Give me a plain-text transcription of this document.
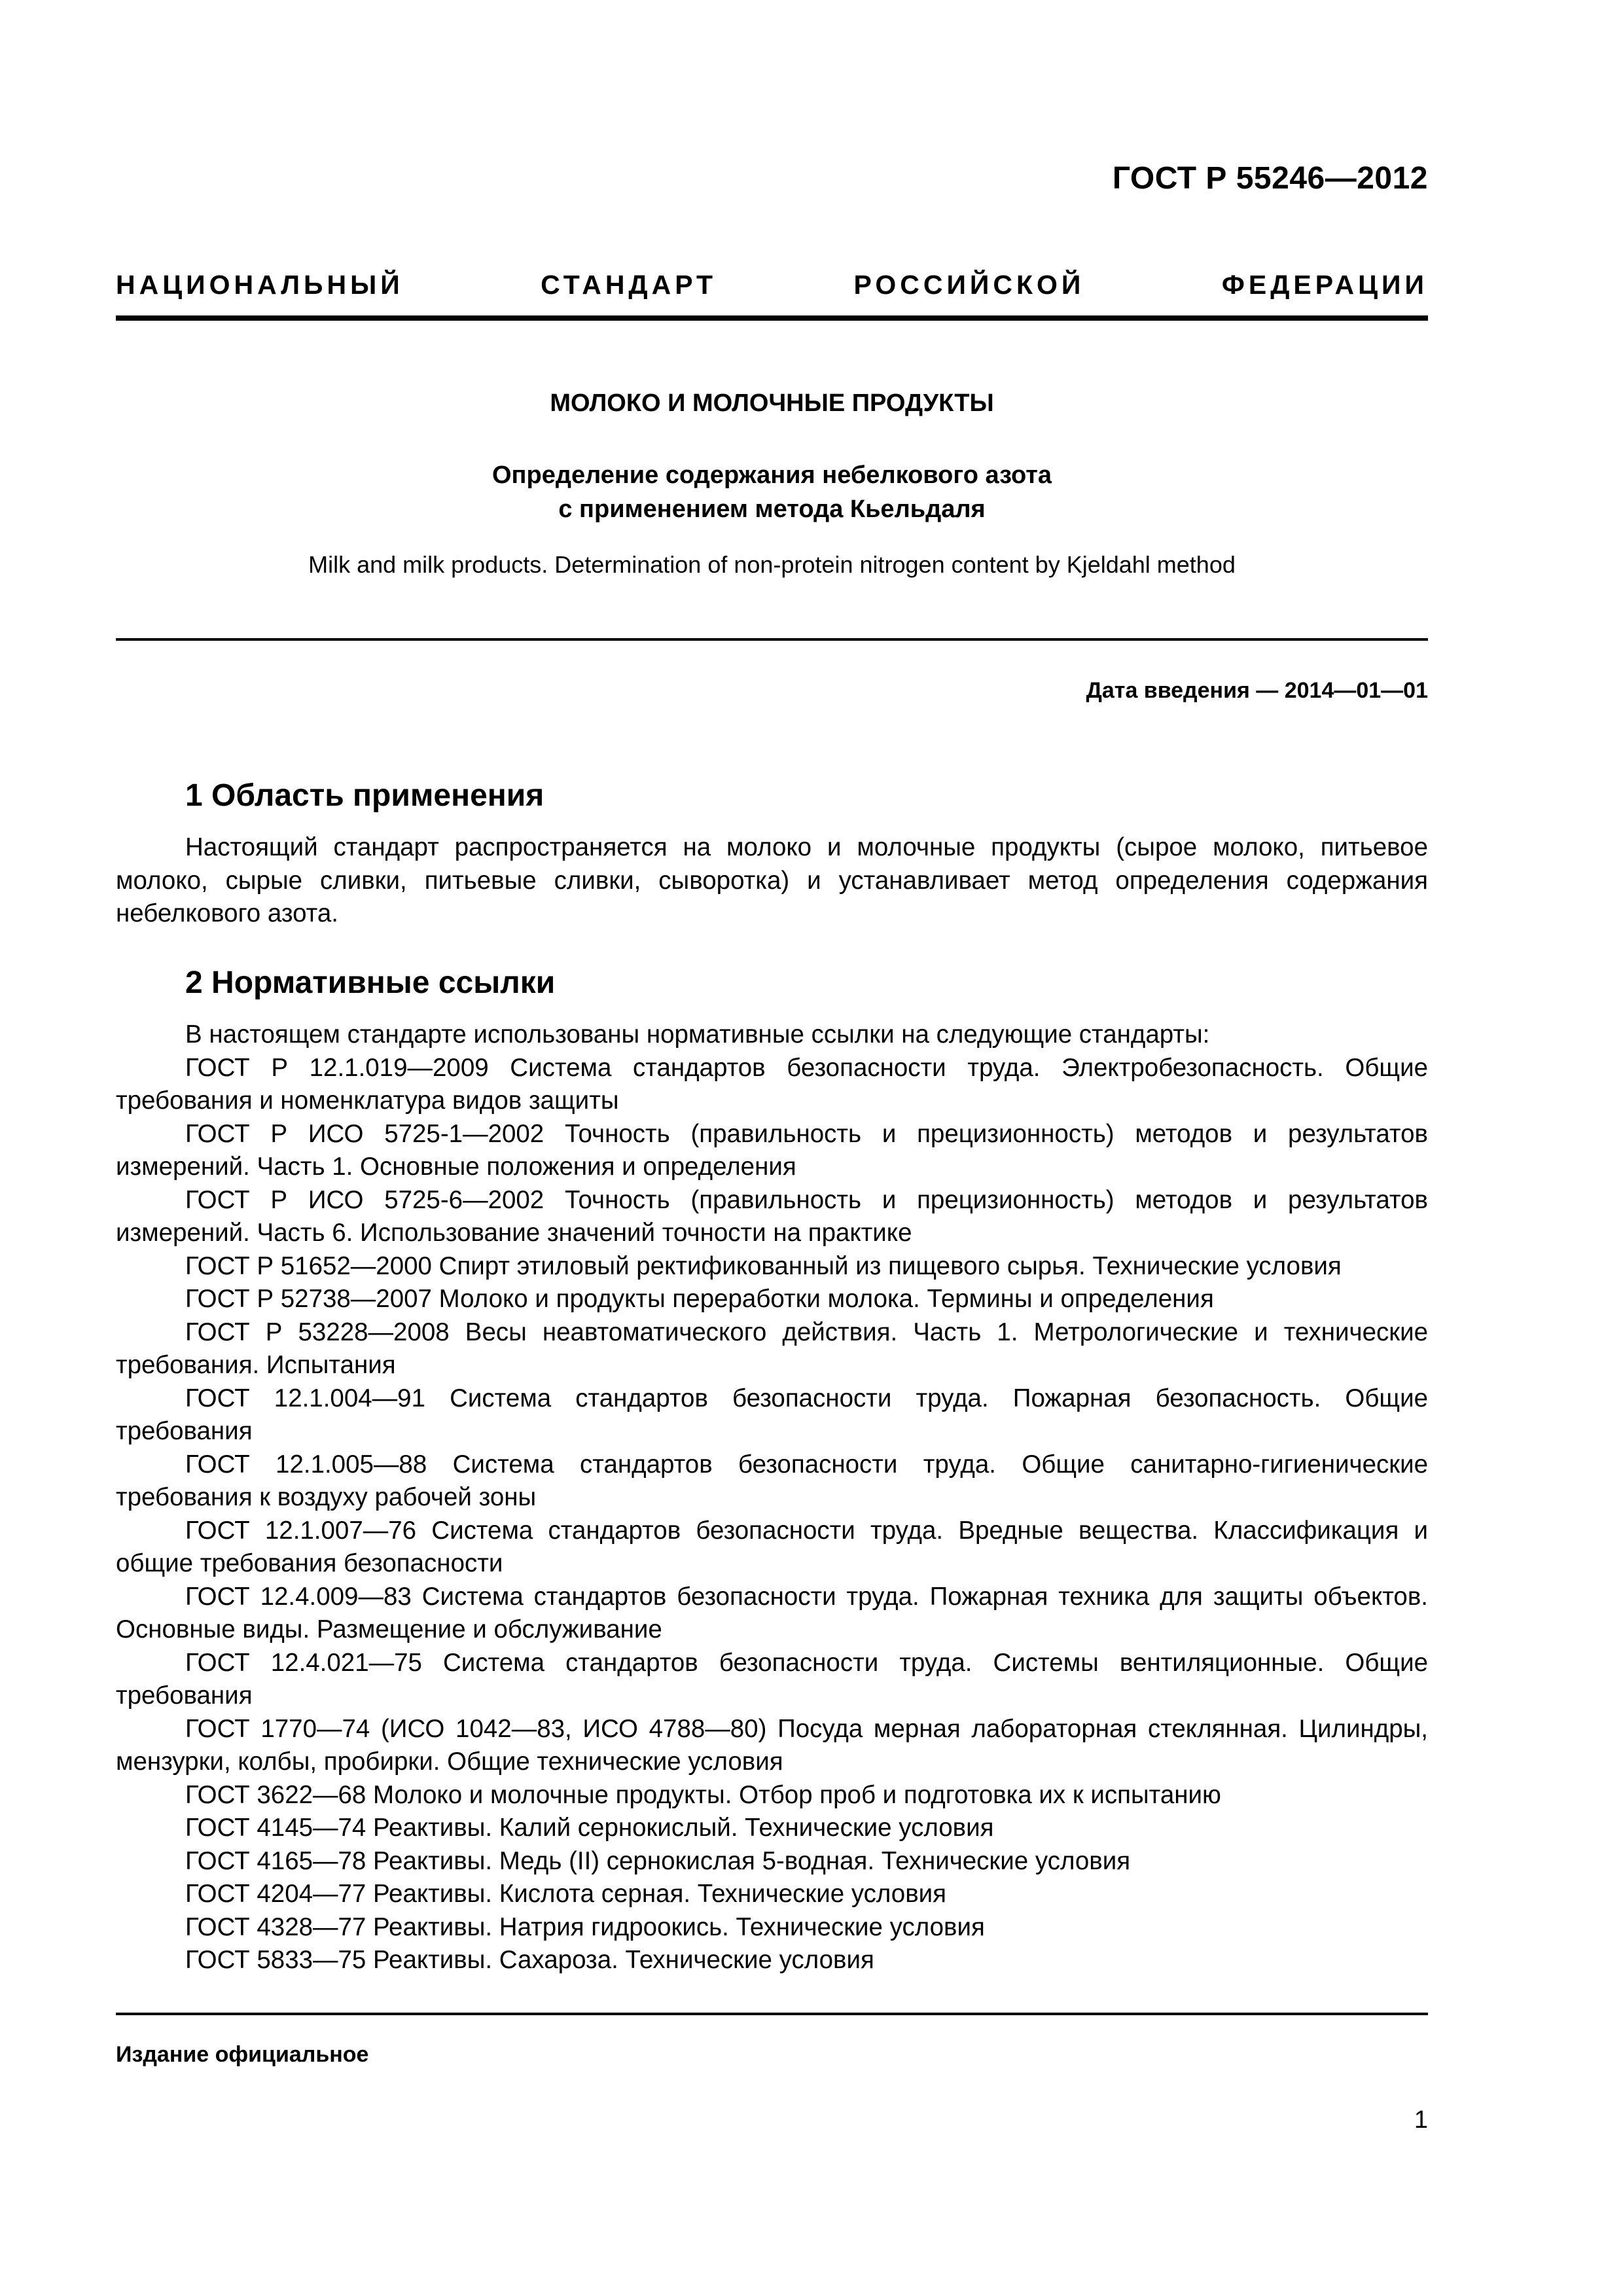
ГОСТ Р 55246—2012
НАЦИОНАЛЬНЫЙ СТАНДАРТ РОССИЙСКОЙ ФЕДЕРАЦИИ
МОЛОКО И МОЛОЧНЫЕ ПРОДУКТЫ
Определение содержания небелкового азота
с применением метода Кьельдаля
Milk and milk products. Determination of non-protein nitrogen content by Kjeldahl method
Дата введения — 2014—01—01
1 Область применения

Настоящий стандарт распространяется на молоко и молочные продукты (сырое молоко, питьевое молоко, сырые сливки, питьевые сливки, сыворотка) и устанавливает метод определения содержания небелкового азота.

2 Нормативные ссылки

В настоящем стандарте использованы нормативные ссылки на следующие стандарты:

ГОСТ Р 12.1.019—2009 Система стандартов безопасности труда. Электробезопасность. Общие требования и номенклатура видов защиты

ГОСТ Р ИСО 5725-1—2002 Точность (правильность и прецизионность) методов и результатов измерений. Часть 1. Основные положения и определения

ГОСТ Р ИСО 5725-6—2002 Точность (правильность и прецизионность) методов и результатов измерений. Часть 6. Использование значений точности на практике

ГОСТ Р 51652—2000 Спирт этиловый ректификованный из пищевого сырья. Технические условия

ГОСТ Р 52738—2007 Молоко и продукты переработки молока. Термины и определения

ГОСТ Р 53228—2008 Весы неавтоматического действия. Часть 1. Метрологические и технические требования. Испытания

ГОСТ 12.1.004—91 Система стандартов безопасности труда. Пожарная безопасность. Общие требования

ГОСТ 12.1.005—88 Система стандартов безопасности труда. Общие санитарно-гигиенические требования к воздуху рабочей зоны

ГОСТ 12.1.007—76 Система стандартов безопасности труда. Вредные вещества. Классификация и общие требования безопасности

ГОСТ 12.4.009—83 Система стандартов безопасности труда. Пожарная техника для защиты объектов. Основные виды. Размещение и обслуживание

ГОСТ 12.4.021—75 Система стандартов безопасности труда. Системы вентиляционные. Общие требования

ГОСТ 1770—74 (ИСО 1042—83, ИСО 4788—80) Посуда мерная лабораторная стеклянная. Цилиндры, мензурки, колбы, пробирки. Общие технические условия

ГОСТ 3622—68 Молоко и молочные продукты. Отбор проб и подготовка их к испытанию

ГОСТ 4145—74 Реактивы. Калий сернокислый. Технические условия

ГОСТ 4165—78 Реактивы. Медь (II) сернокислая 5-водная. Технические условия

ГОСТ 4204—77 Реактивы. Кислота серная. Технические условия

ГОСТ 4328—77 Реактивы. Натрия гидроокись. Технические условия

ГОСТ 5833—75 Реактивы. Сахароза. Технические условия

Издание официальное
1
